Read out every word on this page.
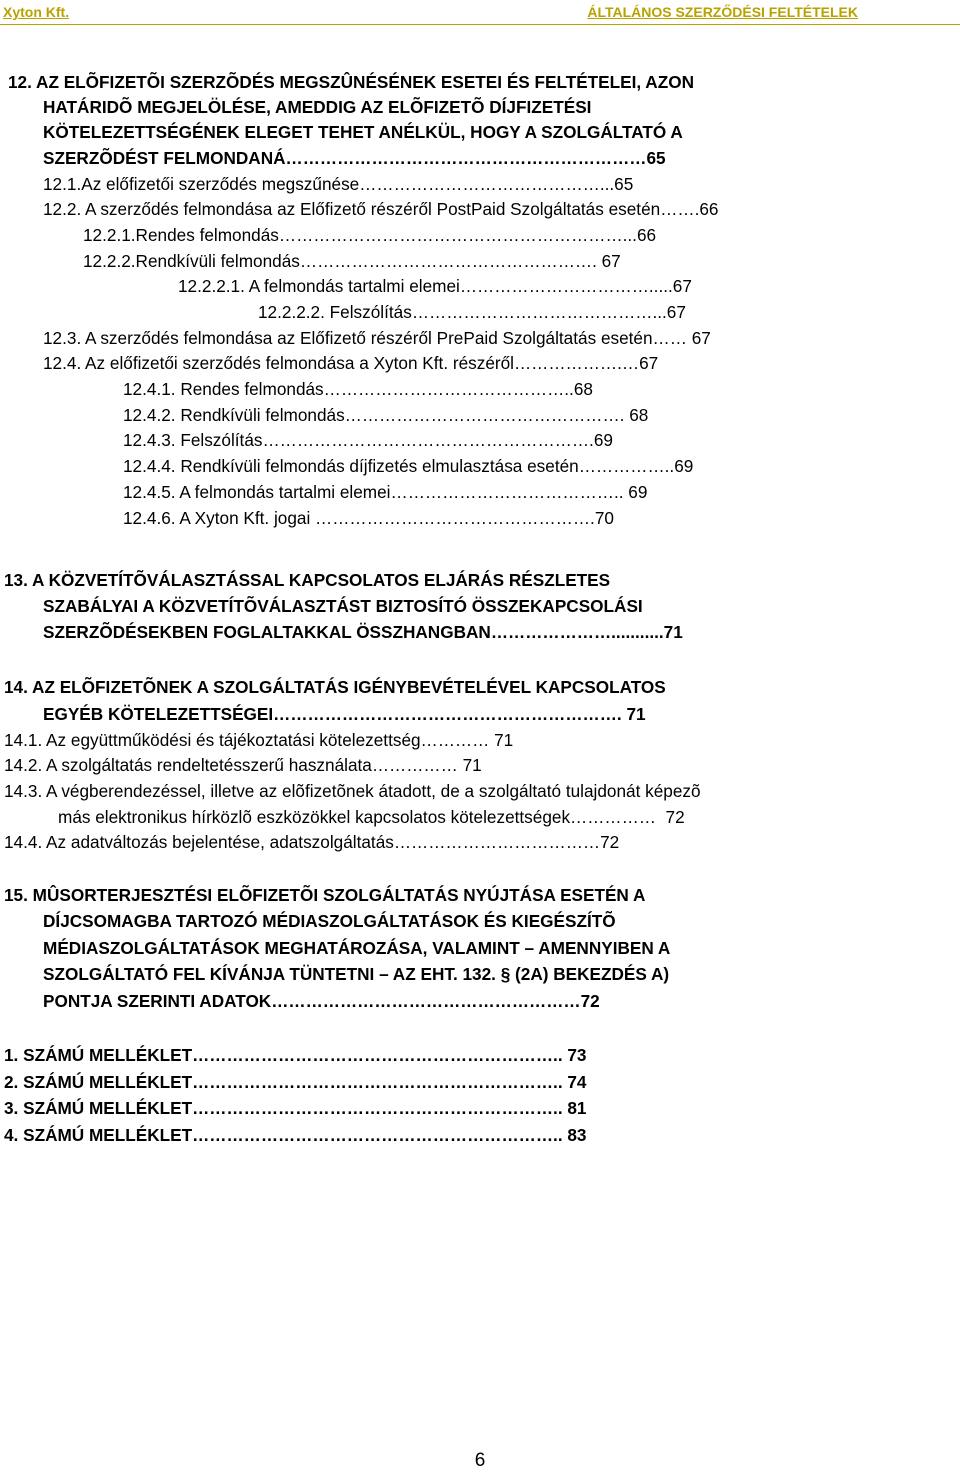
Xyton Kft.	ÁLTALÁNOS SZERZŐDÉSI FELTÉTELEK
12. AZ ELÕFIZETÕI SZERZÕDÉS MEGSZÛNÉSÉNEK ESETEI ÉS FELTÉTELEI, AZON
HATÁRIDÕ MEGJELÖLÉSE, AMEDDIG AZ ELÕFIZETÕ DÍJFIZETÉSI
KÖTELEZETTSÉGÉNEK ELEGET TEHET ANÉLKÜL, HOGY A SZOLGÁLTATÓ A
SZERZÕDÉST FELMONDANÁ………………………………………………………65
12.1.Az előfizetői szerződés megszűnése……………………………………...65
12.2. A szerződés felmondása az Előfizető részéről PostPaid Szolgáltatás esetén…….66
12.2.1.Rendes felmondás……………………………………………………...66
12.2.2.Rendkívüli felmondás……………………………………………. 67
12.2.2.1. A felmondás tartalmi elemei…………………………….....67
12.2.2.2. Felszólítás……………………………………...67
12.3. A szerződés felmondása az Előfizető részéről PrePaid Szolgáltatás esetén…… 67
12.4. Az előfizetői szerződés felmondása a Xyton Kft. részéről……………….…67
12.4.1. Rendes felmondás……………………………………..68
12.4.2. Rendkívüli felmondás…………………………………………. 68
12.4.3. Felszólítás………………………………………………….69
12.4.4. Rendkívüli felmondás díjfizetés elmulasztása esetén……………..69
12.4.5. A felmondás tartalmi elemei………………………………….. 69
12.4.6. A Xyton Kft. jogai ………………………………………….70
13. A KÖZVETÍTÕVÁLASZTÁSSAL KAPCSOLATOS ELJÁRÁS RÉSZLETES
SZABÁLYAI A KÖZVETÍTÕVÁLASZTÁST BIZTOSÍTÓ ÖSSZEKAPCSOLÁSI
SZERZÕDÉSEKBEN FOGLALTAKKAL ÖSSZHANGBAN…………………...........71
14. AZ ELÕFIZETÕNEK A SZOLGÁLTATÁS IGÉNYBEVÉTELÉVEL KAPCSOLATOS
EGYÉB KÖTELEZETTSÉGEI……………………………………………………. 71
14.1. Az együttműködési és tájékoztatási kötelezettség………… 71
14.2. A szolgáltatás rendeltetésszerű használata…………… 71
14.3. A végberendezéssel, illetve az elõfizetõnek átadott, de a szolgáltató tulajdonát képezõ
más elektronikus hírközlõ eszközökkel kapcsolatos kötelezettségek……………  72
14.4. Az adatváltozás bejelentése, adatszolgáltatás………………………………72
15. MÛSORTERJESZTÉSI ELÕFIZETÕI SZOLGÁLTATÁS NYÚJTÁSA ESETÉN A
DÍJCSOMAGBA TARTOZÓ MÉDIASZOLGÁLTATÁSOK ÉS KIEGÉSZÍTÕ
MÉDIASZOLGÁLTATÁSOK MEGHATÁROZÁSA, VALAMINT – AMENNYIBEN A
SZOLGÁLTATÓ FEL KÍVÁNJA TÜNTETNI – AZ EHT. 132. § (2A) BEKEZDÉS A)
PONTJA SZERINTI ADATOK………………………………………………72
1. SZÁMÚ MELLÉKLET……………………………………………………….. 73
2. SZÁMÚ MELLÉKLET……………………………………………………….. 74
3. SZÁMÚ MELLÉKLET……………………………………………………….. 81
4. SZÁMÚ MELLÉKLET……………………………………………………….. 83
6
